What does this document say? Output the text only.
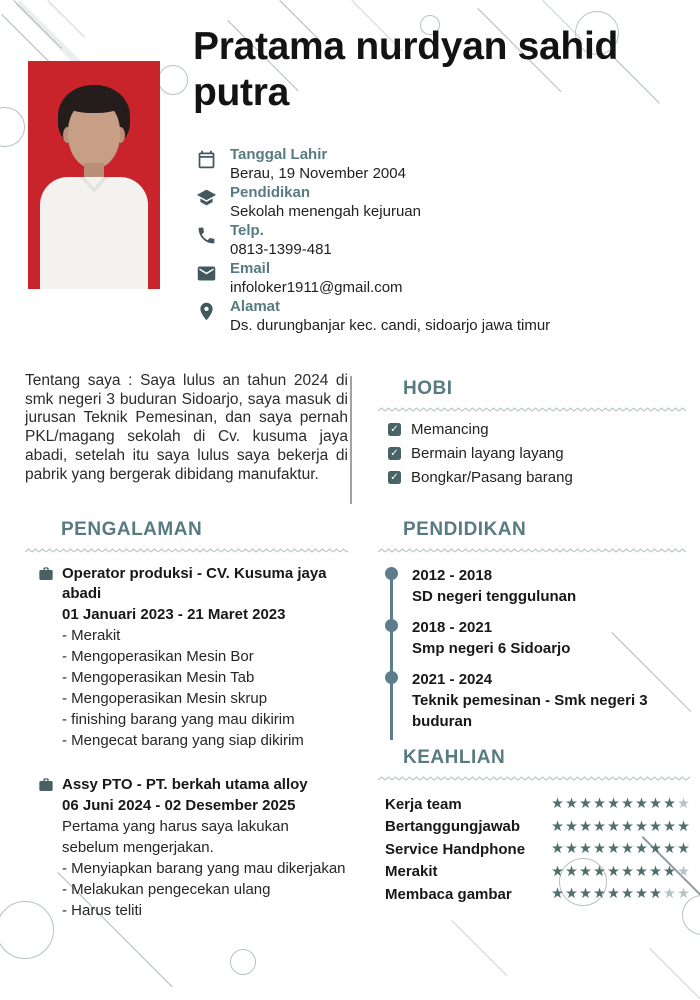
Pratama nurdyan sahid putra
Tanggal Lahir
Berau, 19 November 2004
Pendidikan
Sekolah menengah kejuruan
Telp.
0813-1399-481
Email
infoloker1911@gmail.com
Alamat
Ds. durungbanjar kec. candi, sidoarjo jawa timur

Tentang saya : Saya lulus an tahun 2024 di smk negeri 3 buduran Sidoarjo, saya masuk di jurusan Teknik Pemesinan, dan saya pernah PKL/magang sekolah di Cv. kusuma jaya abadi, setelah itu saya lulus saya bekerja di pabrik yang bergerak dibidang manufaktur.

HOBI
✓ Memancing
✓ Bermain layang layang
✓ Bongkar/Pasang barang
PENGALAMAN
Operator produksi - CV. Kusuma jaya abadi
01 Januari 2023 - 21 Maret 2023
- Merakit
- Mengoperasikan Mesin Bor
- Mengoperasikan Mesin Tab
- Mengoperasikan Mesin skrup
- finishing barang yang mau dikirim
- Mengecat barang yang siap dikirim
Assy PTO - PT. berkah utama alloy
06 Juni 2024 - 02 Desember 2025
Pertama yang harus saya lakukan sebelum mengerjakan.
- Menyiapkan barang yang mau dikerjakan
- Melakukan pengecekan ulang
- Harus teliti
PENDIDIKAN
2012 - 2018
SD negeri tenggulunan
2018 - 2021
Smp negeri 6 Sidoarjo
2021 - 2024
Teknik pemesinan - Smk negeri 3 buduran
KEAHLIAN
Kerja team	★★★★★★★★★★
Bertanggungjawab	★★★★★★★★★★
Service Handphone	★★★★★★★★★★
Merakit	★★★★★★★★★★
Membaca gambar	★★★★★★★★★★
